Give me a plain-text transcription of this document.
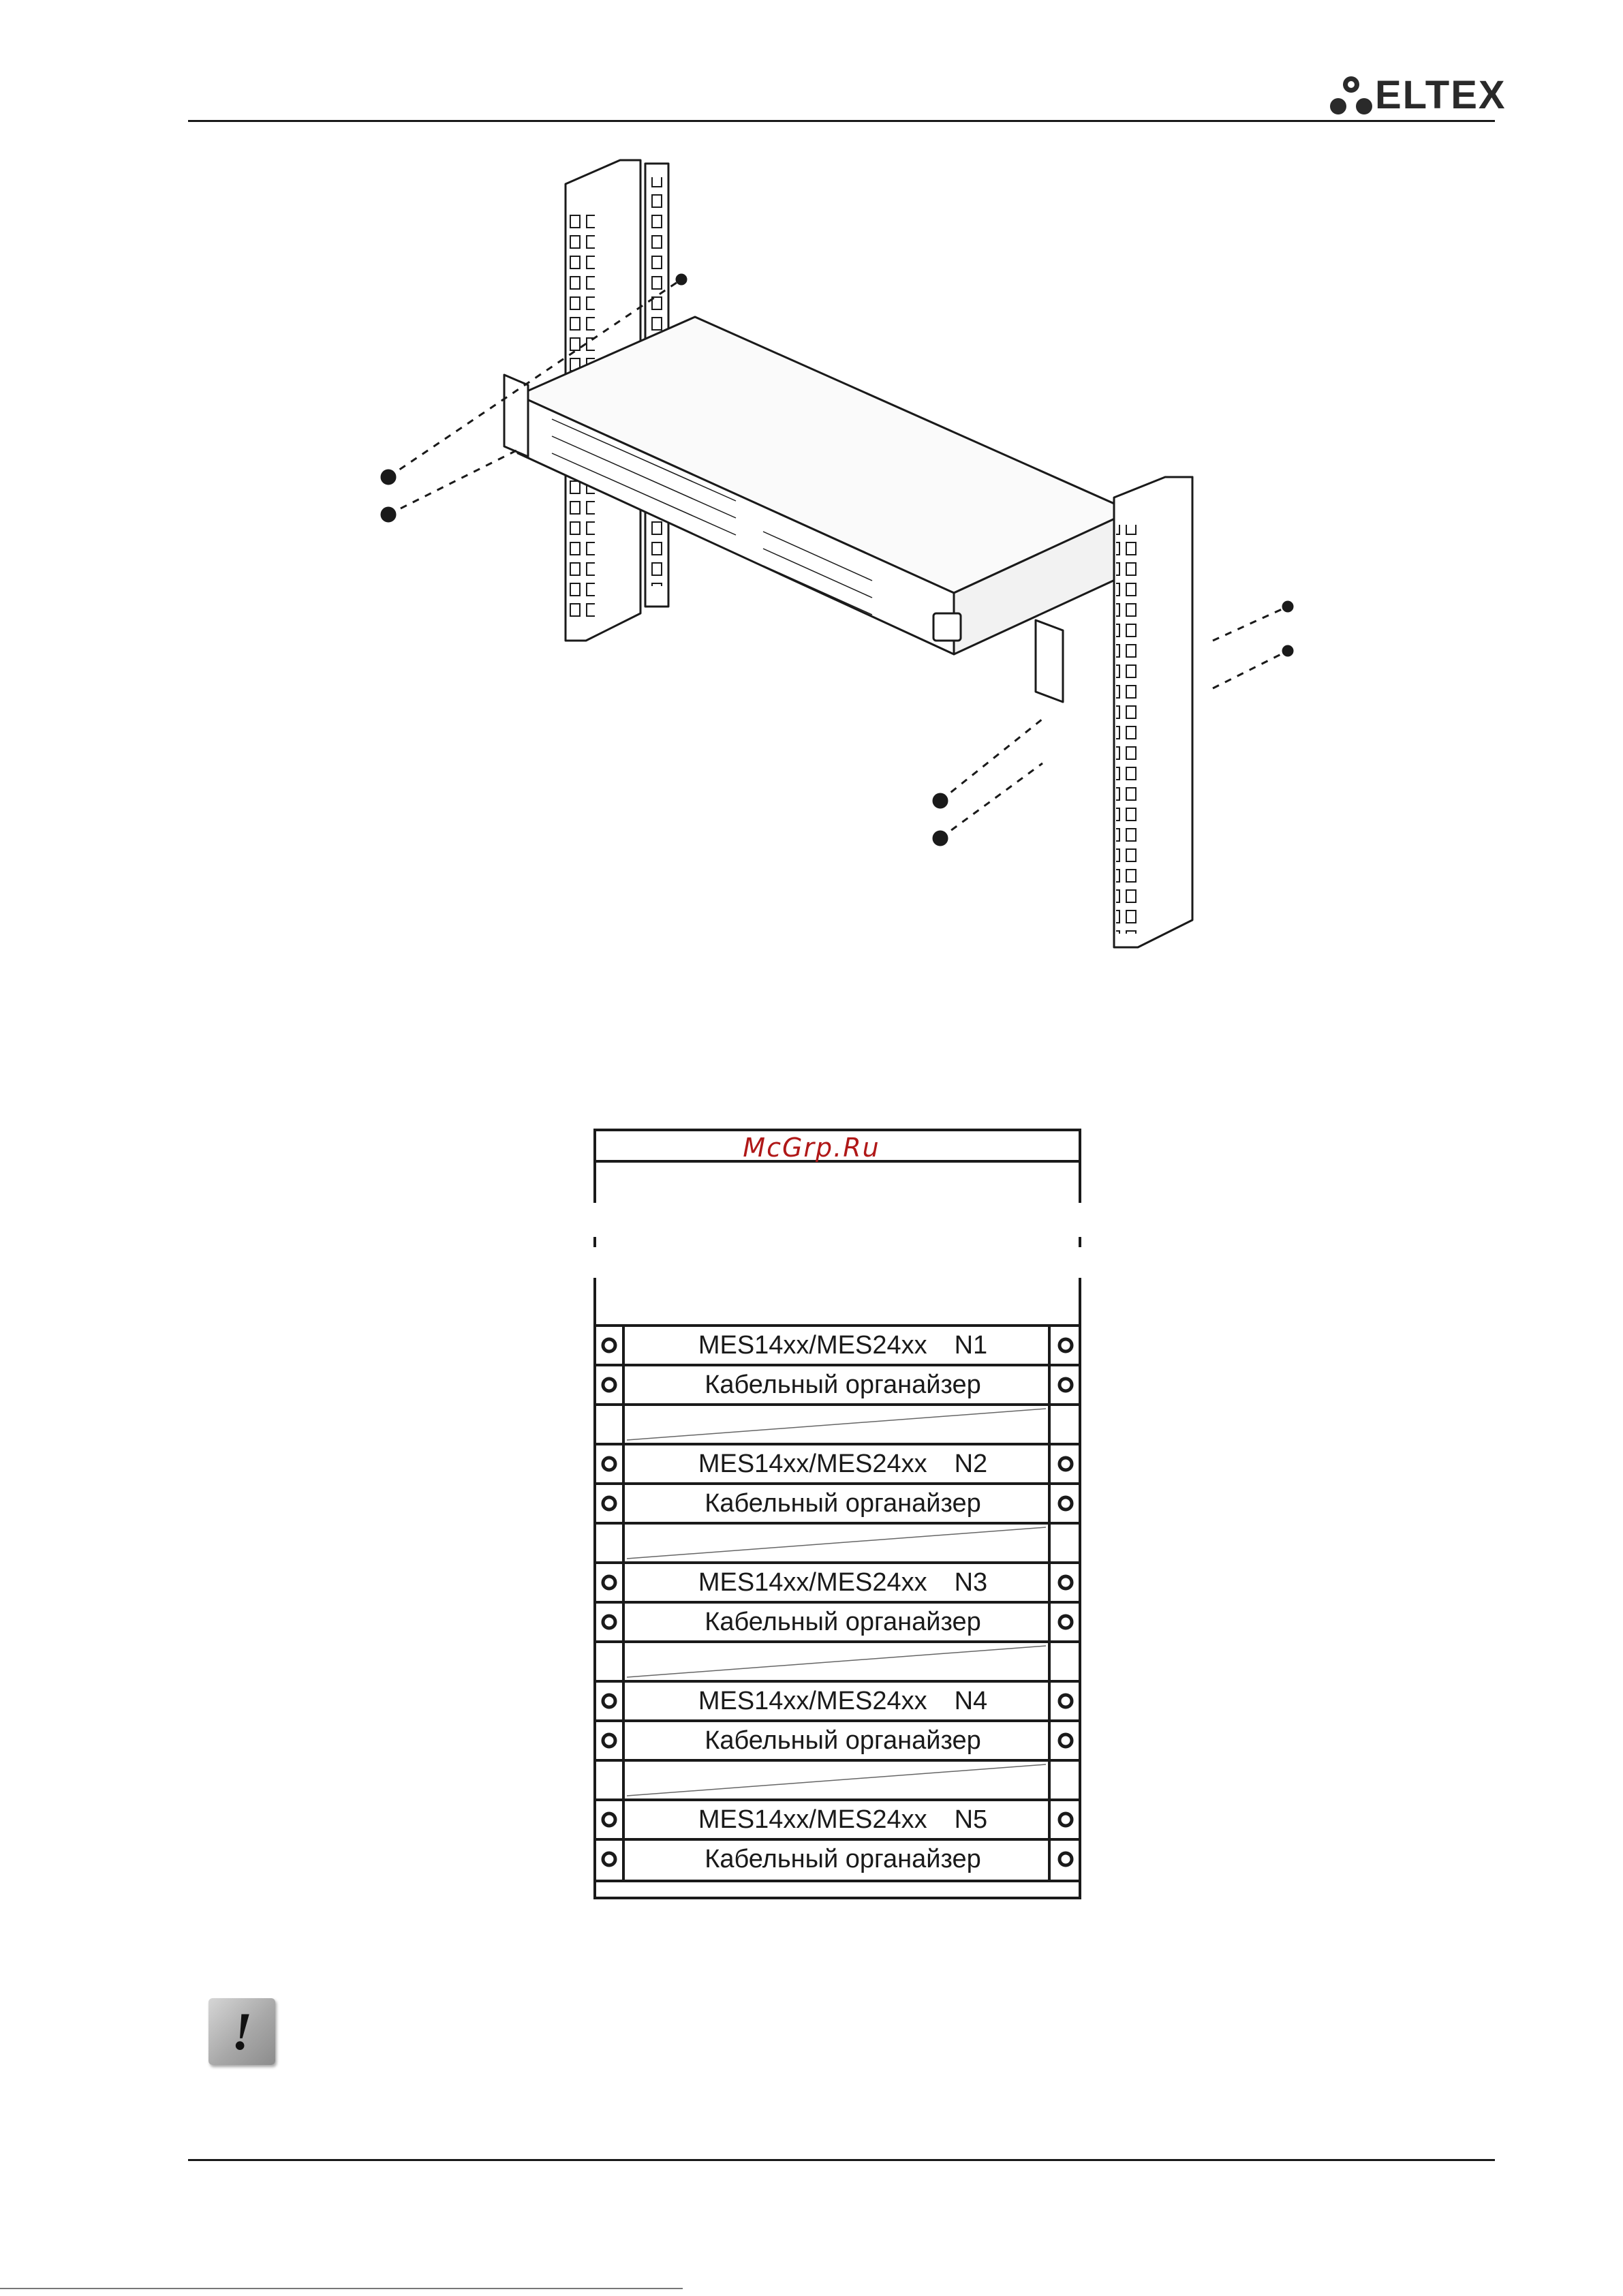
ELTEX
McGrp.Ru
MES14xx/MES24xx N1
Кабельный органайзер
MES14xx/MES24xx N2
Кабельный органайзер
MES14xx/MES24xx N3
Кабельный органайзер
MES14xx/MES24xx N4
Кабельный органайзер
MES14xx/MES24xx N5
Кабельный органайзер
!
